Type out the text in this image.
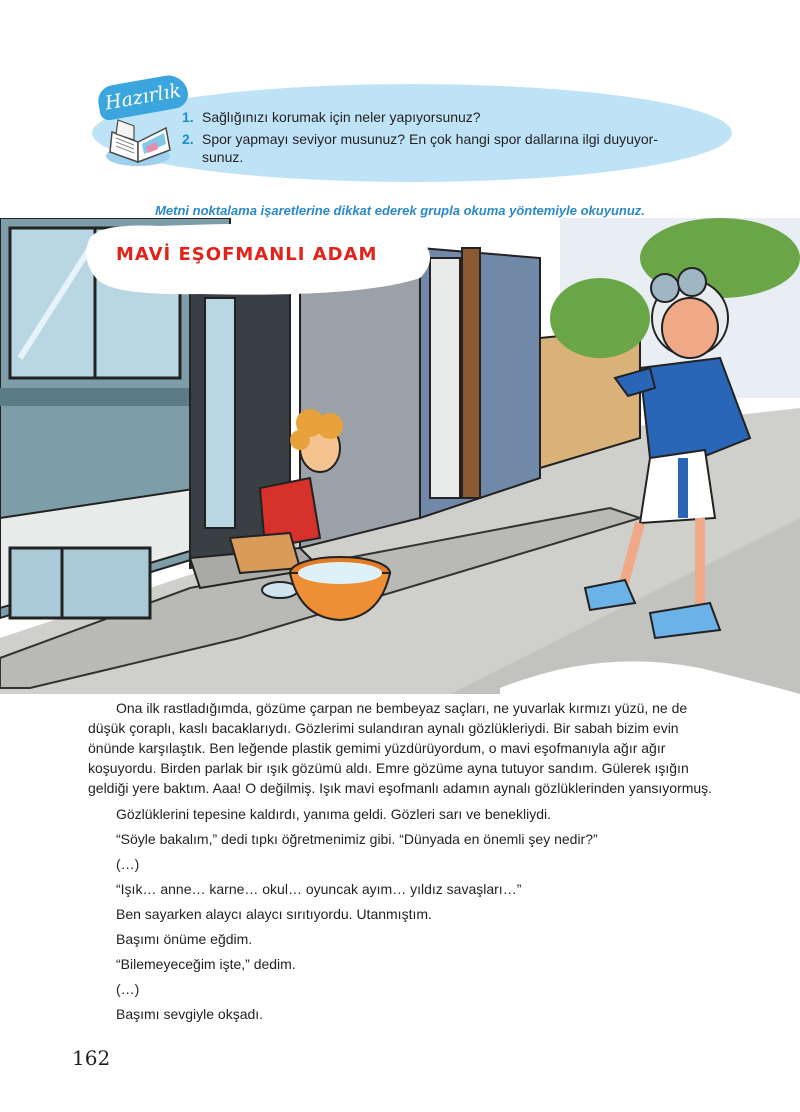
Hazırlık
1. Sağlığınızı korumak için neler yapıyorsunuz?
2. Spor yapmayı seviyor musunuz? En çok hangi spor dallarına ilgi duyuyor-
sunuz.
Metni noktalama işaretlerine dikkat ederek grupla okuma yöntemiyle okuyunuz.
MAVİ EŞOFMANLI ADAM

Ona ilk rastladığımda, gözüme çarpan ne bembeyaz saçları, ne yuvarlak kırmızı yüzü, ne de düşük çoraplı, kaslı bacaklarıydı. Gözlerimi sulandıran aynalı gözlükleriydi. Bir sabah bizim evin önünde karşılaştık. Ben leğende plastik gemimi yüzdürüyordum, o mavi eşofmanıyla ağır ağır koşuyordu. Birden parlak bir ışık gözümü aldı. Emre gözüme ayna tutuyor sandım. Gülerek ışığın geldiği yere baktım. Aaa! O değilmiş. Işık mavi eşofmanlı adamın aynalı gözlüklerinden yansıyormuş.

Gözlüklerini tepesine kaldırdı, yanıma geldi. Gözleri sarı ve benekliydi.

“Söyle bakalım,” dedi tıpkı öğretmenimiz gibi. “Dünyada en önemli şey nedir?”

(…)

“Işık… anne… karne… okul… oyuncak ayım… yıldız savaşları…”

Ben sayarken alaycı alaycı sırıtıyordu. Utanmıştım.

Başımı önüme eğdim.

“Bilemeyeceğim işte,” dedim.

(…)

Başımı sevgiyle okşadı.

162
